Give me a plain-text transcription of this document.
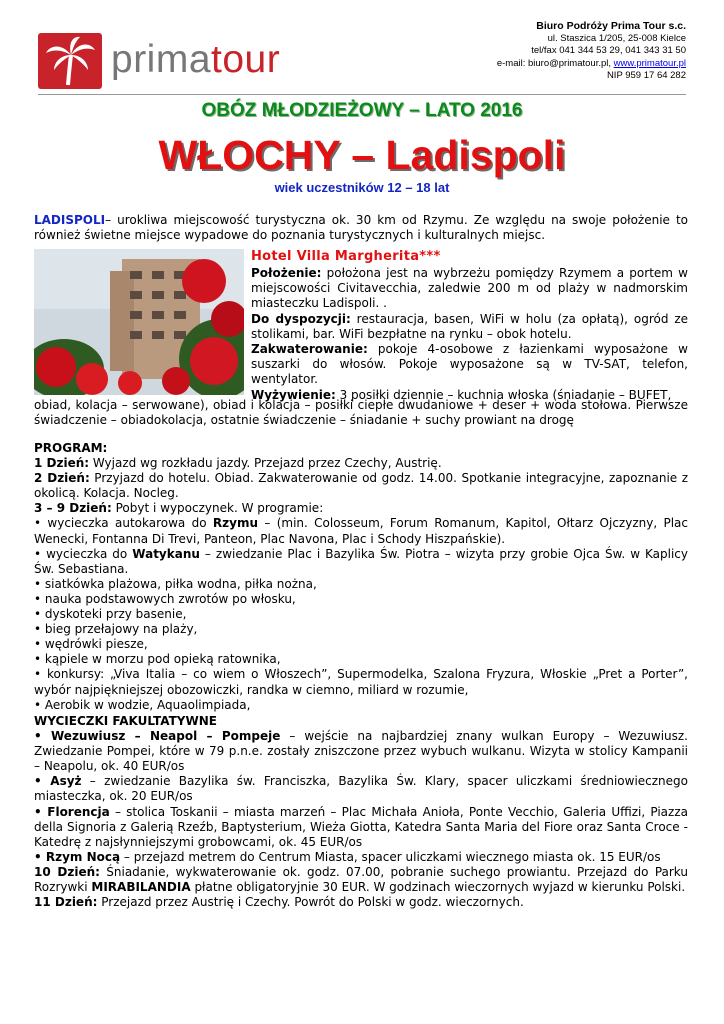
primatour
Biuro Podróży Prima Tour s.c.
ul. Staszica 1/205, 25-008 Kielce
tel/fax 041 344 53 29, 041 343 31 50
e-mail: biuro@primatour.pl, www.primatour.pl
NIP 959 17 64 282
OBÓZ MŁODZIEŻOWY – LATO 2016
WŁOCHY – Ladispoli
wiek uczestników 12 – 18 lat
LADISPOLI– urokliwa miejscowość turystyczna ok. 30 km od Rzymu. Ze względu na swoje położenie to również świetne miejsce wypadowe do poznania turystycznych i kulturalnych miejsc.
Hotel Villa Margherita***

Położenie: położona jest na wybrzeżu pomiędzy Rzymem a portem w miejscowości Civitavecchia, zaledwie 200 m od plaży w nadmorskim miasteczku Ladispoli. .

Do dyspozycji: restauracja, basen, WiFi w holu (za opłatą), ogród ze stolikami, bar. WiFi bezpłatne na rynku – obok hotelu.

Zakwaterowanie: pokoje 4-osobowe z łazienkami wyposażone w suszarki do włosów. Pokoje wyposażone są w TV-SAT, telefon, wentylator.

Wyżywienie: 3 posiłki dziennie – kuchnia włoska (śniadanie – BUFET,

obiad, kolacja – serwowane), obiad i kolacja – posiłki ciepłe dwudaniowe + deser + woda stołowa. Pierwsze świadczenie – obiadokolacja, ostatnie świadczenie – śniadanie + suchy prowiant na drogę

PROGRAM:

1 Dzień: Wyjazd wg rozkładu jazdy. Przejazd przez Czechy, Austrię.

2 Dzień: Przyjazd do hotelu. Obiad. Zakwaterowanie od godz. 14.00. Spotkanie integracyjne, zapoznanie z okolicą. Kolacja. Nocleg.

3 – 9 Dzień: Pobyt i wypoczynek. W programie:

• wycieczka autokarowa do Rzymu – (min. Colosseum, Forum Romanum, Kapitol, Ołtarz Ojczyzny, Plac Wenecki, Fontanna Di Trevi, Panteon, Plac Navona, Plac i Schody Hiszpańskie).

• wycieczka do Watykanu – zwiedzanie Plac i Bazylika Św. Piotra – wizyta przy grobie Ojca Św. w Kaplicy Św. Sebastiana.

• siatkówka plażowa, piłka wodna, piłka nożna,

• nauka podstawowych zwrotów po włosku,

• dyskoteki przy basenie,

• bieg przełajowy na plaży,

• wędrówki piesze,

• kąpiele w morzu pod opieką ratownika,

• konkursy: „Viva Italia – co wiem o Włoszech”, Supermodelka, Szalona Fryzura, Włoskie „Pret a Porter”, wybór najpiękniejszej obozowiczki, randka w ciemno, miliard w rozumie,

• Aerobik w wodzie, Aquaolimpiada,

WYCIECZKI FAKULTATYWNE

• Wezuwiusz – Neapol – Pompeje – wejście na najbardziej znany wulkan Europy – Wezuwiusz. Zwiedzanie Pompei, które w 79 p.n.e. zostały zniszczone przez wybuch wulkanu. Wizyta w stolicy Kampanii – Neapolu, ok. 40 EUR/os

• Asyż – zwiedzanie Bazylika św. Franciszka, Bazylika Św. Klary, spacer uliczkami średniowiecznego miasteczka, ok. 20 EUR/os

• Florencja – stolica Toskanii – miasta marzeń – Plac Michała Anioła, Ponte Vecchio, Galeria Uffizi, Piazza della Signoria z Galerią Rzeźb, Baptysterium, Wieża Giotta, Katedra Santa Maria del Fiore oraz Santa Croce - Katedrę z najsłynniejszymi grobowcami, ok. 45 EUR/os

• Rzym Nocą – przejazd metrem do Centrum Miasta, spacer uliczkami wiecznego miasta ok. 15 EUR/os

10 Dzień: Śniadanie, wykwaterowanie ok. godz. 07.00, pobranie suchego prowiantu. Przejazd do Parku Rozrywki MIRABILANDIA płatne obligatoryjnie 30 EUR. W godzinach wieczornych wyjazd w kierunku Polski.

11 Dzień: Przejazd przez Austrię i Czechy. Powrót do Polski w godz. wieczornych.
